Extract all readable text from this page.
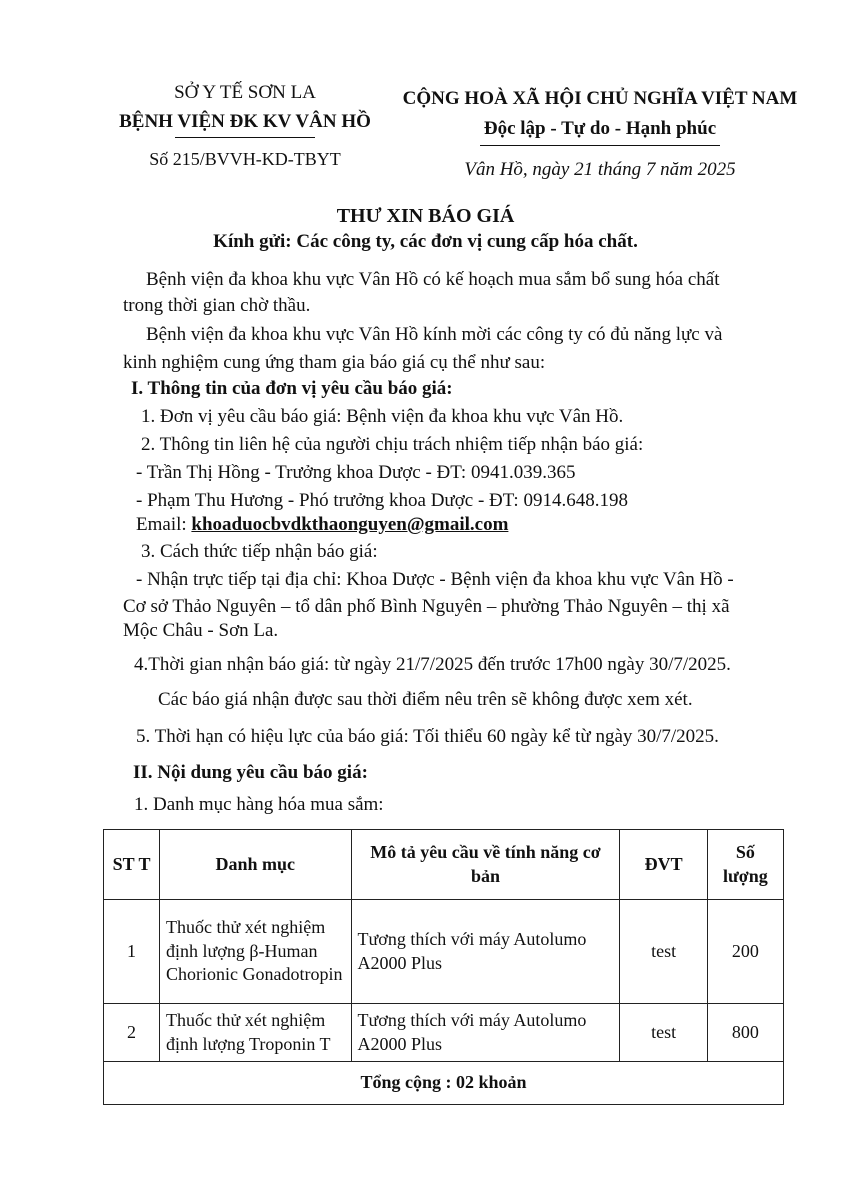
SỞ Y TẾ SƠN LA
BỆNH VIỆN ĐK KV VÂN HỒ
Số 215/BVVH-KD-TBYT
CỘNG HOÀ XÃ HỘI CHỦ NGHĨA VIỆT NAM
Độc lập - Tự do - Hạnh phúc
Vân Hồ, ngày 21 tháng 7 năm 2025
THƯ XIN BÁO GIÁ
Kính gửi: Các công ty, các đơn vị cung cấp hóa chất.
Bệnh viện đa khoa khu vực Vân Hồ có kế hoạch mua sắm bổ sung hóa chất
trong thời gian chờ thầu.
Bệnh viện đa khoa khu vực Vân Hồ kính mời các công ty có đủ năng lực và
kinh nghiệm cung ứng tham gia báo giá cụ thể như sau:
I. Thông tin của đơn vị yêu cầu báo giá:
1. Đơn vị yêu cầu báo giá: Bệnh viện đa khoa khu vực Vân Hồ.
2. Thông tin liên hệ của người chịu trách nhiệm tiếp nhận báo giá:
- Trần Thị Hồng - Trưởng khoa Dược - ĐT: 0941.039.365
- Phạm Thu Hương - Phó trưởng khoa Dược - ĐT: 0914.648.198
Email: khoaduocbvdkthaonguyen@gmail.com
3. Cách thức tiếp nhận báo giá:
- Nhận trực tiếp tại địa chỉ: Khoa Dược - Bệnh viện đa khoa khu vực Vân Hồ -
Cơ sở Thảo Nguyên – tổ dân phố Bình Nguyên – phường Thảo Nguyên – thị xã
Mộc Châu - Sơn La.
4.Thời gian nhận báo giá: từ ngày 21/7/2025 đến trước 17h00 ngày 30/7/2025.
Các báo giá nhận được sau thời điểm nêu trên sẽ không được xem xét.
5. Thời hạn có hiệu lực của báo giá: Tối thiểu 60 ngày kể từ ngày 30/7/2025.
II. Nội dung yêu cầu báo giá:
1. Danh mục hàng hóa mua sắm:
ST T	Danh mục	Mô tả yêu cầu về tính năng cơ bản	ĐVT	Số lượng
1	Thuốc thử xét nghiệm định lượng β-Human Chorionic Gonadotropin	Tương thích với máy Autolumo A2000 Plus	test	200
2	Thuốc thử xét nghiệm định lượng Troponin T	Tương thích với máy Autolumo A2000 Plus	test	800
Tổng cộng : 02 khoản				
